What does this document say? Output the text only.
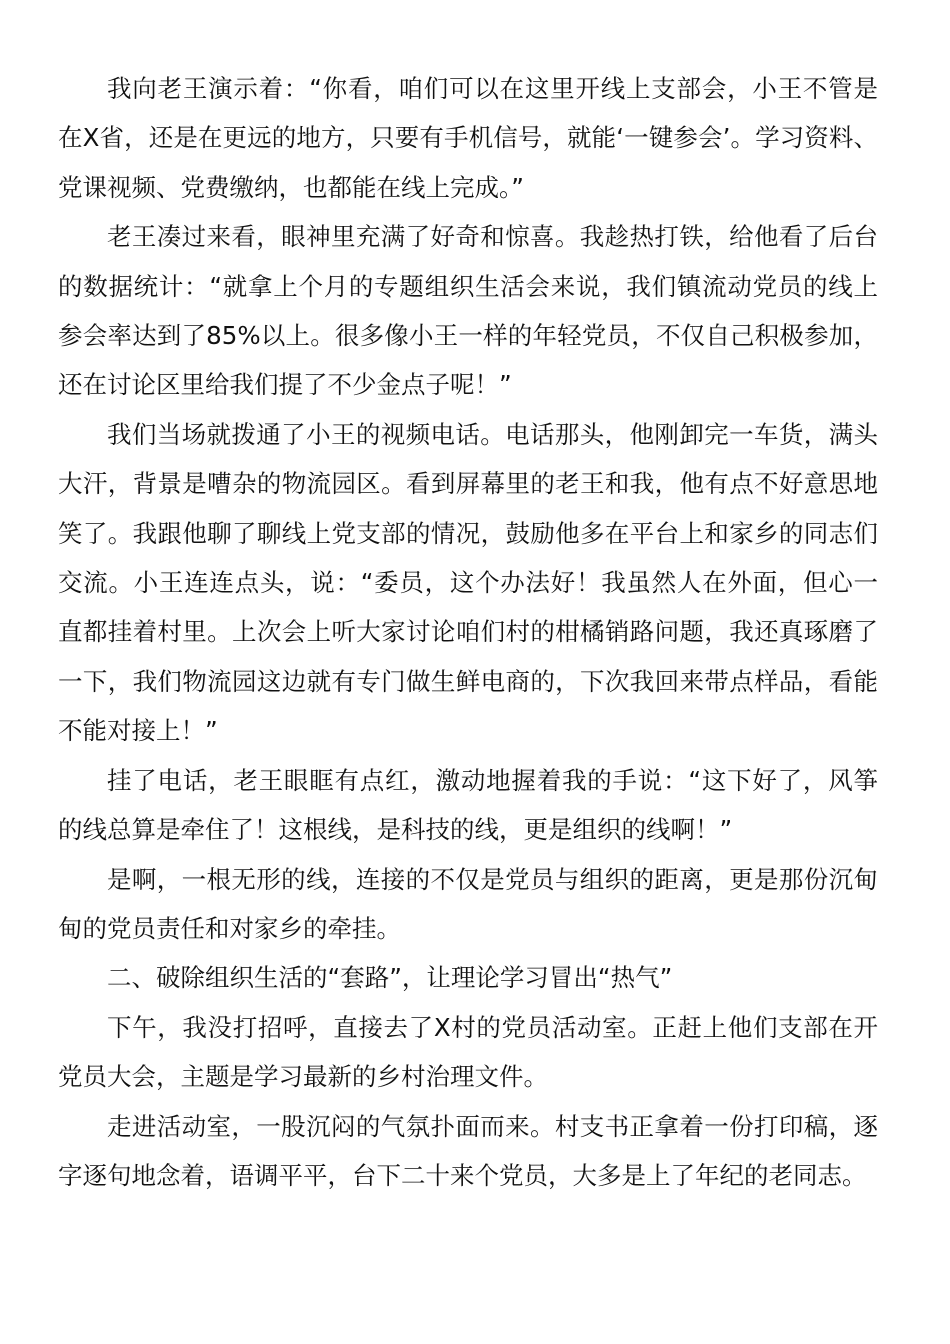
我向老王演示着：“你看，咱们可以在这里开线上支部会，小王不管是在X省，还是在更远的地方，只要有手机信号，就能‘一键参会’。学习资料、党课视频、党费缴纳，也都能在线上完成。”

老王凑过来看，眼神里充满了好奇和惊喜。我趁热打铁，给他看了后台的数据统计：“就拿上个月的专题组织生活会来说，我们镇流动党员的线上参会率达到了85%以上。很多像小王一样的年轻党员，不仅自己积极参加，还在讨论区里给我们提了不少金点子呢！”

我们当场就拨通了小王的视频电话。电话那头，他刚卸完一车货，满头大汗，背景是嘈杂的物流园区。看到屏幕里的老王和我，他有点不好意思地笑了。我跟他聊了聊线上党支部的情况，鼓励他多在平台上和家乡的同志们交流。小王连连点头，说：“委员，这个办法好！我虽然人在外面，但心一直都挂着村里。上次会上听大家讨论咱们村的柑橘销路问题，我还真琢磨了一下，我们物流园这边就有专门做生鲜电商的，下次我回来带点样品，看能不能对接上！”

挂了电话，老王眼眶有点红，激动地握着我的手说：“这下好了，风筝的线总算是牵住了！这根线，是科技的线，更是组织的线啊！”

是啊，一根无形的线，连接的不仅是党员与组织的距离，更是那份沉甸甸的党员责任和对家乡的牵挂。

二、破除组织生活的“套路”，让理论学习冒出“热气”

下午，我没打招呼，直接去了X村的党员活动室。正赶上他们支部在开党员大会，主题是学习最新的乡村治理文件。

走进活动室，一股沉闷的气氛扑面而来。村支书正拿着一份打印稿，逐字逐句地念着，语调平平，台下二十来个党员，大多是上了年纪的老同志。
